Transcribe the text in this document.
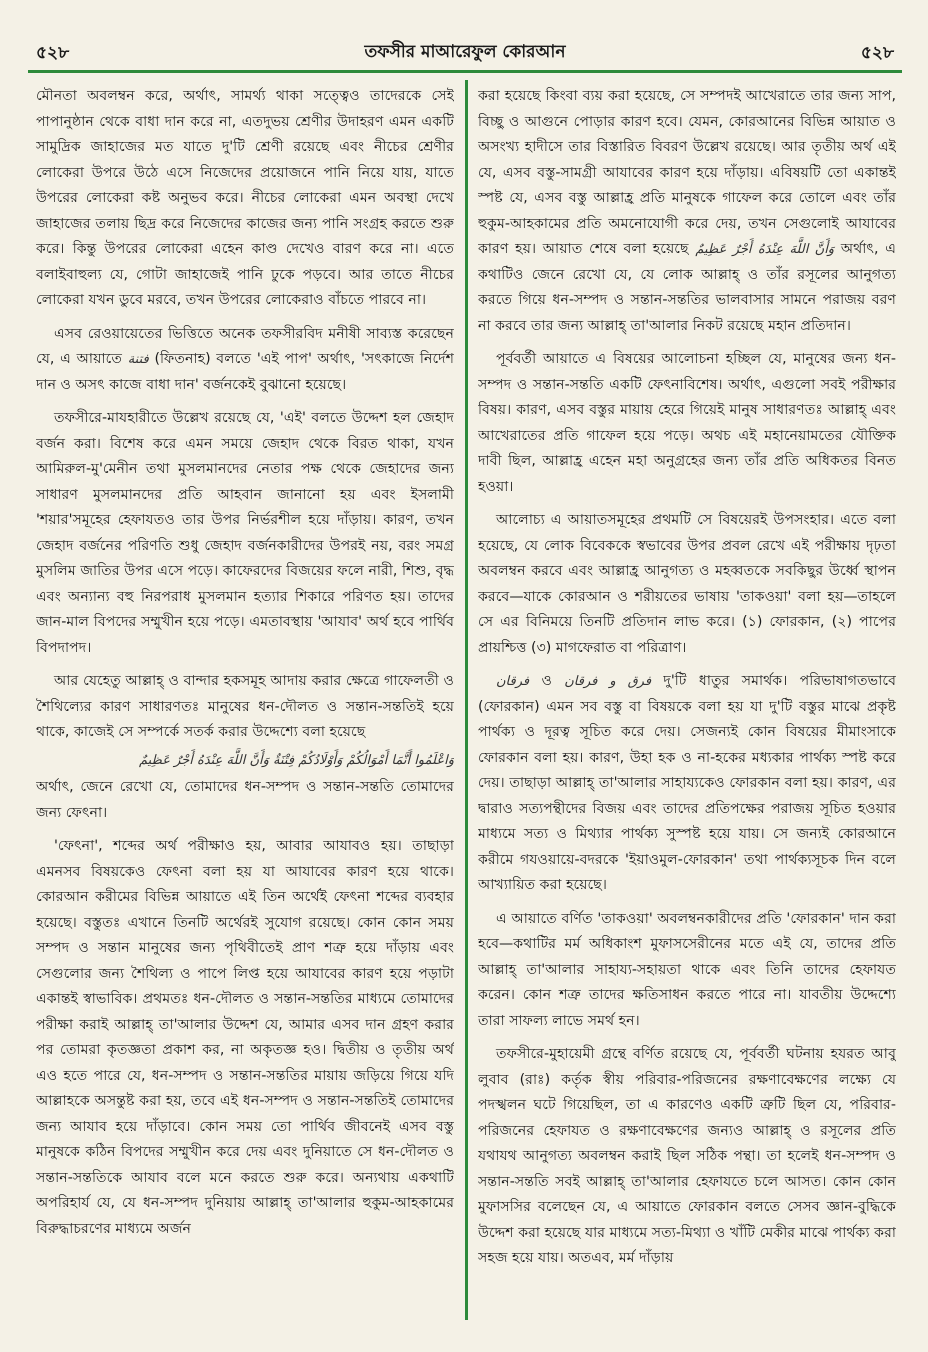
৫২৮	তফসীর মাআরেফুল কোরআন	৫২৮

মৌনতা অবলম্বন করে, অর্থাৎ, সামর্থ্য থাকা সত্ত্বেও তাদেরকে সেই পাপানুষ্ঠান থেকে বাধা দান করে না, এতদুভয় শ্রেণীর উদাহরণ এমন একটি সামুদ্রিক জাহাজের মত যাতে দু'টি শ্রেণী রয়েছে এবং নীচের শ্রেণীর লোকেরা উপরে উঠে এসে নিজেদের প্রয়োজনে পানি নিয়ে যায়, যাতে উপরের লোকেরা কষ্ট অনুভব করে। নীচের লোকেরা এমন অবস্থা দেখে জাহাজের তলায় ছিদ্র করে নিজেদের কাজের জন্য পানি সংগ্রহ করতে শুরু করে। কিন্তু উপরের লোকেরা এহেন কাণ্ড দেখেও বারণ করে না। এতে বলাইবাহুল্য যে, গোটা জাহাজেই পানি ঢুকে পড়বে। আর তাতে নীচের লোকেরা যখন ডুবে মরবে, তখন উপরের লোকেরাও বাঁচতে পারবে না।

এসব রেওয়ায়েতের ভিত্তিতে অনেক তফসীরবিদ মনীষী সাব্যস্ত করেছেন যে, এ আয়াতে فتنة (ফিতনাহ) বলতে 'এই পাপ' অর্থাৎ, 'সৎকাজে নির্দেশ দান ও অসৎ কাজে বাধা দান' বর্জনকেই বুঝানো হয়েছে।

তফসীরে-মাযহারীতে উল্লেখ রয়েছে যে, 'এই' বলতে উদ্দেশ হল জেহাদ বর্জন করা। বিশেষ করে এমন সময়ে জেহাদ থেকে বিরত থাকা, যখন আমিরুল-মু'মেনীন তথা মুসলমানদের নেতার পক্ষ থেকে জেহাদের জন্য সাধারণ মুসলমানদের প্রতি আহবান জানানো হয় এবং ইসলামী 'শয়ার'সমূহের হেফাযতও তার উপর নির্ভরশীল হয়ে দাঁড়ায়। কারণ, তখন জেহাদ বর্জনের পরিণতি শুধু জেহাদ বর্জনকারীদের উপরই নয়, বরং সমগ্র মুসলিম জাতির উপর এসে পড়ে। কাফেরদের বিজয়ের ফলে নারী, শিশু, বৃদ্ধ এবং অন্যান্য বহু নিরপরাধ মুসলমান হত্যার শিকারে পরিণত হয়। তাদের জান-মাল বিপদের সম্মুখীন হয়ে পড়ে। এমতাবস্থায় 'আযাব' অর্থ হবে পার্থিব বিপদাপদ।

আর যেহেতু আল্লাহ্ ও বান্দার হকসমূহ আদায় করার ক্ষেত্রে গাফেলতী ও শৈথিল্যের কারণ সাধারণতঃ মানুষের ধন-দৌলত ও সন্তান-সন্ততিই হয়ে থাকে, কাজেই সে সম্পর্কে সতর্ক করার উদ্দেশ্যে বলা হয়েছে
وَاعْلَمُوا أَنَّمَا أَمْوَالُكُمْ وَأَوْلَادُكُمْ فِتْنَةٌ وَأَنَّ اللَّهَ عِنْدَهُ أَجْرٌ عَظِيمٌ
অর্থাৎ, জেনে রেখো যে, তোমাদের ধন-সম্পদ ও সন্তান-সন্ততি তোমাদের জন্য ফেৎনা।

'ফেৎনা', শব্দের অর্থ পরীক্ষাও হয়, আবার আযাবও হয়। তাছাড়া এমনসব বিষয়কেও ফেৎনা বলা হয় যা আযাবের কারণ হয়ে থাকে। কোরআন করীমের বিভিন্ন আয়াতে এই তিন অর্থেই ফেৎনা শব্দের ব্যবহার হয়েছে। বস্তুতঃ এখানে তিনটি অর্থেরই সুযোগ রয়েছে। কোন কোন সময় সম্পদ ও সন্তান মানুষের জন্য পৃথিবীতেই প্রাণ শত্রু হয়ে দাঁড়ায় এবং সেগুলোর জন্য শৈথিল্য ও পাপে লিপ্ত হয়ে আযাবের কারণ হয়ে পড়াটা একান্তই স্বাভাবিক। প্রথমতঃ ধন-দৌলত ও সন্তান-সন্ততির মাধ্যমে তোমাদের পরীক্ষা করাই আল্লাহ্ তা'আলার উদ্দেশ যে, আমার এসব দান গ্রহণ করার পর তোমরা কৃতজ্ঞতা প্রকাশ কর, না অকৃতজ্ঞ হও। দ্বিতীয় ও তৃতীয় অর্থ এও হতে পারে যে, ধন-সম্পদ ও সন্তান-সন্ততির মায়ায় জড়িয়ে গিয়ে যদি আল্লাহকে অসন্তুষ্ট করা হয়, তবে এই ধন-সম্পদ ও সন্তান-সন্ততিই তোমাদের জন্য আযাব হয়ে দাঁড়াবে। কোন সময় তো পার্থিব জীবনেই এসব বস্তু মানুষকে কঠিন বিপদের সম্মুখীন করে দেয় এবং দুনিয়াতে সে ধন-দৌলত ও সন্তান-সন্ততিকে আযাব বলে মনে করতে শুরু করে। অন্যথায় একথাটি অপরিহার্য যে, যে ধন-সম্পদ দুনিয়ায় আল্লাহ্ তা'আলার হুকুম-আহকামের বিরুদ্ধাচরণের মাধ্যমে অর্জন

করা হয়েছে কিংবা ব্যয় করা হয়েছে, সে সম্পদই আখেরাতে তার জন্য সাপ, বিচ্ছু ও আগুনে পোড়ার কারণ হবে। যেমন, কোরআনের বিভিন্ন আয়াত ও অসংখ্য হাদীসে তার বিস্তারিত বিবরণ উল্লেখ রয়েছে। আর তৃতীয় অর্থ এই যে, এসব বস্তু-সামগ্রী আযাবের কারণ হয়ে দাঁড়ায়। এবিষয়টি তো একান্তই স্পষ্ট যে, এসব বস্তু আল্লাহ্র প্রতি মানুষকে গাফেল করে তোলে এবং তাঁর হুকুম-আহকামের প্রতি অমনোযোগী করে দেয়, তখন সেগুলোই আযাবের কারণ হয়। আয়াত শেষে বলা হয়েছে وَأَنَّ اللَّهَ عِنْدَهُ أَجْرٌ عَظِيمٌ অর্থাৎ, এ কথাটিও জেনে রেখো যে, যে লোক আল্লাহ্ ও তাঁর রসূলের আনুগত্য করতে গিয়ে ধন-সম্পদ ও সন্তান-সন্ততির ভালবাসার সামনে পরাজয় বরণ না করবে তার জন্য আল্লাহ্ তা'আলার নিকট রয়েছে মহান প্রতিদান।

পূর্ববর্তী আয়াতে এ বিষয়ের আলোচনা হচ্ছিল যে, মানুষের জন্য ধন-সম্পদ ও সন্তান-সন্ততি একটি ফেৎনাবিশেষ। অর্থাৎ, এগুলো সবই পরীক্ষার বিষয়। কারণ, এসব বস্তুর মায়ায় হেরে গিয়েই মানুষ সাধারণতঃ আল্লাহ্ এবং আখেরাতের প্রতি গাফেল হয়ে পড়ে। অথচ এই মহানেয়ামতের যৌক্তিক দাবী ছিল, আল্লাহ্র এহেন মহা অনুগ্রহের জন্য তাঁর প্রতি অধিকতর বিনত হওয়া।

আলোচ্য এ আয়াতসমূহের প্রথমটি সে বিষয়েরই উপসংহার। এতে বলা হয়েছে, যে লোক বিবেককে স্বভাবের উপর প্রবল রেখে এই পরীক্ষায় দৃঢ়তা অবলম্বন করবে এবং আল্লাহ্র আনুগত্য ও মহব্বতকে সবকিছুর উর্ধ্বে স্থাপন করবে—যাকে কোরআন ও শরীয়তের ভাষায় 'তাকওয়া' বলা হয়—তাহলে সে এর বিনিময়ে তিনটি প্রতিদান লাভ করে। (১) ফোরকান, (২) পাপের প্রায়শ্চিত্ত (৩) মাগফেরাত বা পরিত্রাণ।

فرقان ও فرق و فرقان দু'টি ধাতুর সমার্থক। পরিভাষাগতভাবে (ফোরকান) এমন সব বস্তু বা বিষয়কে বলা হয় যা দু'টি বস্তুর মাঝে প্রকৃষ্ট পার্থক্য ও দূরত্ব সূচিত করে দেয়। সেজন্যই কোন বিষয়ের মীমাংসাকে ফোরকান বলা হয়। কারণ, উহা হক ও না-হকের মধ্যকার পার্থক্য স্পষ্ট করে দেয়। তাছাড়া আল্লাহ্ তা'আলার সাহায্যকেও ফোরকান বলা হয়। কারণ, এর দ্বারাও সত্যপন্থীদের বিজয় এবং তাদের প্রতিপক্ষের পরাজয় সূচিত হওয়ার মাধ্যমে সত্য ও মিথ্যার পার্থক্য সুস্পষ্ট হয়ে যায়। সে জন্যই কোরআনে করীমে গযওয়ায়ে-বদরকে 'ইয়াওমুল-ফোরকান' তথা পার্থক্যসূচক দিন বলে আখ্যায়িত করা হয়েছে।

এ আয়াতে বর্ণিত 'তাকওয়া' অবলম্বনকারীদের প্রতি 'ফোরকান' দান করা হবে—কথাটির মর্ম অধিকাংশ মুফাসসেরীনের মতে এই যে, তাদের প্রতি আল্লাহ্ তা'আলার সাহায্য-সহায়তা থাকে এবং তিনি তাদের হেফাযত করেন। কোন শত্রু তাদের ক্ষতিসাধন করতে পারে না। যাবতীয় উদ্দেশ্যে তারা সাফল্য লাভে সমর্থ হন।

তফসীরে-মুহায়েমী গ্রন্থে বর্ণিত রয়েছে যে, পূর্ববর্তী ঘটনায় হযরত আবু লুবাব (রাঃ) কর্তৃক স্বীয় পরিবার-পরিজনের রক্ষণাবেক্ষণের লক্ষ্যে যে পদস্খলন ঘটে গিয়েছিল, তা এ কারণেও একটি ত্রুটি ছিল যে, পরিবার-পরিজনের হেফাযত ও রক্ষণাবেক্ষণের জন্যও আল্লাহ্ ও রসূলের প্রতি যথাযথ আনুগত্য অবলম্বন করাই ছিল সঠিক পন্থা। তা হলেই ধন-সম্পদ ও সন্তান-সন্ততি সবই আল্লাহ্ তা'আলার হেফাযতে চলে আসত। কোন কোন মুফাসসির বলেছেন যে, এ আয়াতে ফোরকান বলতে সেসব জ্ঞান-বুদ্ধিকে উদ্দেশ করা হয়েছে যার মাধ্যমে সত্য-মিথ্যা ও খাঁটি মেকীর মাঝে পার্থক্য করা সহজ হয়ে যায়। অতএব, মর্ম দাঁড়ায়
